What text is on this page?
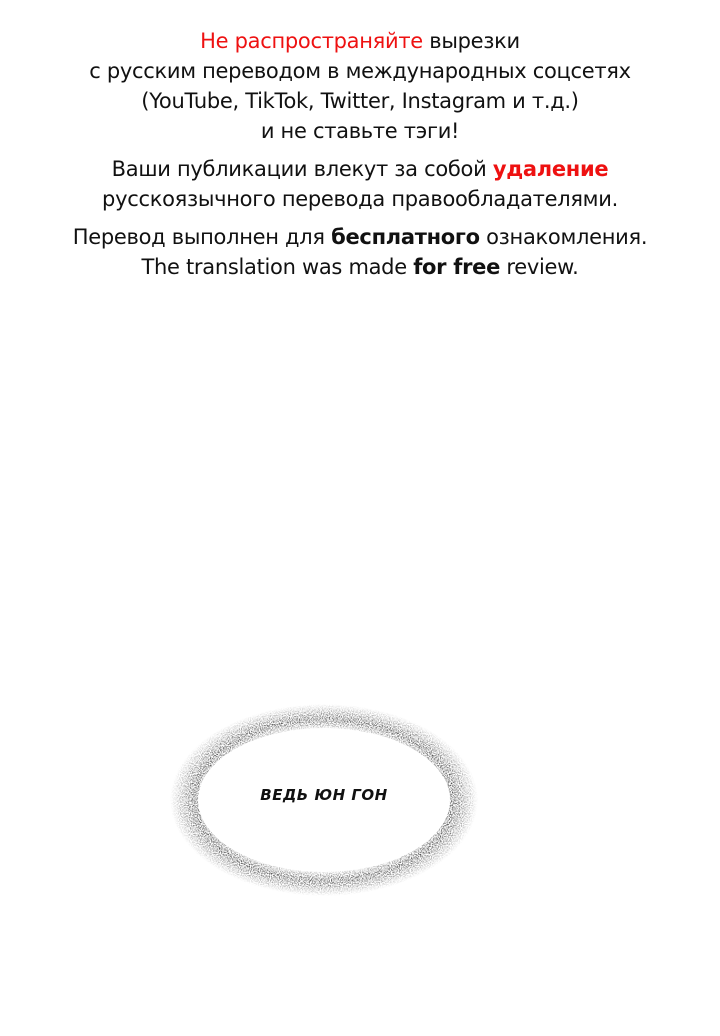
Не распространяйте вырезки

с русским переводом в международных соцсетях

(YouTube, TikTok, Twitter, Instagram и т.д.)

и не ставьте тэги!

Ваши публикации влекут за собой удаление

русскоязычного перевода правообладателями.

Перевод выполнен для бесплатного ознакомления.

The translation was made for free review.

ВЕДЬ ЮН ГОН
